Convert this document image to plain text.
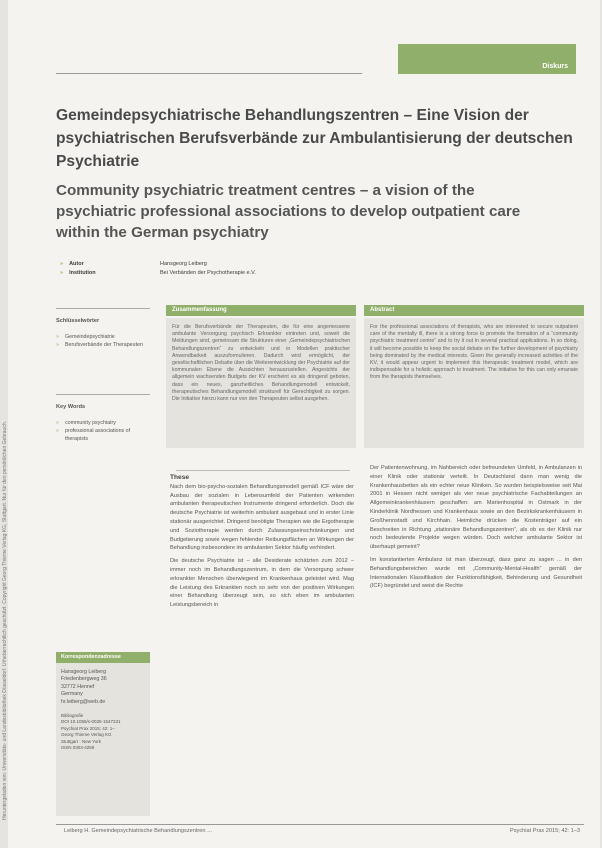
Heruntergeladen von: Universitäts- und Landesbibliothek Düsseldorf. Urheberrechtlich geschützt. Copyright Georg Thieme Verlag KG, Stuttgart. Nur für den persönlichen Gebrauch.
Diskurs
Gemeindepsychiatrische Behandlungszentren – Eine Vision der psychiatrischen Berufsverbände zur Ambulantisierung der deutschen Psychiatrie
Community psychiatric treatment centres – a vision of the psychiatric professional associations to develop outpatient care within the German psychiatry
» Autor	Hansgeorg Leiberg
» Institution	Bei Verbänden der Psychotherapie e.V.
Schlüsselwörter
» Gemeindepsychiatrie
» Berufsverbände der Therapeuten
Key Words
» community psychiatry
» professional associations of therapists
Zusammenfassung
Für die Berufsverbände der Therapeuten, die für eine angemessene ambulante Versorgung psychisch Erkrankter eintreten und, soweit die Meldungen sind, gemeinsam die Strukturen einer „Gemeindepsychiatrischen Behandlungszentren“ zu entwickeln und in Modellen praktischer Anwendbarkeit auszuformulieren. Dadurch wird ermöglicht, der gesellschaftlichen Debatte über die Weiterentwicklung der Psychiatrie auf der kommunalen Ebene die Aussichten herauszustellen. Angesichts der allgemein wachsenden Budgets der KV erscheint es als dringend geboten, dass ein neues, ganzheitliches Behandlungsmodell entwickelt, therapeutisches Behandlungsmodell strukturell für Gerechtigkeit zu sorgen. Die Initiative hierzu kann nur von den Therapeuten selbst ausgehen.
Abstract
For the professional associations of therapists, who are interested to secure outpatient care of the mentally ill, there is a strong force to promote the formation of a “community psychiatric treatment centre” and to try it out in several practical applications. In so doing, it will become possible to keep the social debate on the further development of psychiatry being dominated by the medical interests. Given the generally increased activities of the KV, it would appear urgent to implement this therapeutic treatment model, which are indispensable for a holistic approach to treatment. The initiative for this can only emanate from the therapists themselves.
Korrespondenzadresse
Hansgeorg Leiberg
Friedenbergweg 36
32772 Hennef
Germany
hr.leiberg@web.de
Bibliografie
DOI 10.1055/s-0035-1547231
Psychiat Prax 2015; 42: 1–
Georg Thieme Verlag KG
Stuttgart · New York
ISSN 0303-4259
These

Nach dem bio-psycho-sozialen Behandlungsmodell gemäß ICF wäre der Ausbau der sozialen in Lebensumfeld der Patienten wirkenden ambulanten therapeutischen Instrumente dringend erforderlich. Doch die deutsche Psychiatrie ist weiterhin ambulant ausgebaut und in erster Linie stationär ausgerichtet. Dringend benötigte Therapien wie die Ergotherapie und Soziotherapie werden durch Zulassungseinschränkungen und Budgetierung sowie wegen fehlender Reibungsflächen an Wirkungen der Behandlung insbesondere im ambulanten Sektor häufig verhindert.

Die deutsche Psychiatrie ist – alle Desiderate schätzten zum 2012 – immer noch im Behandlungszentrum, in dem die Versorgung schwer erkrankter Menschen überwiegend im Krankenhaus geleistet wird. Mag die Leistung des Erkrankten noch so sehr von der positiven Wirkungen einer Behandlung überzeugt sein, so sich eben im ambulanten Leistungsbereich in

Der Patientenwohnung, im Nahbereich oder befreundeten Umfeld, in Ambulanzen in einer Klinik oder stationär verteilt. In Deutschland dann man wenig die Krankenhausbetten als ein echter neue Kliniken. So wurden beispielsweise seit Mai 2001 in Hessen nicht weniger als vier neue psychiatrische Fachabteilungen an Allgemeinkrankenhäusern geschaffen: am Marienhospital in Ostmark in der Kinderklinik Nordhessen und Krankenhaus sowie an den Bezirkskrankenhäusern in Großhennstadt und Kirchhain. Heimliche drücken die Kostenträger auf ein Beschreiten in Richtung „stationäre Behandlungszentren“, als ob es der Klinik nur noch bedeutende Projekte wegen würden. Doch welcher ambulante Sektor ist überhaupt gemeint?

Im konstantierten Ambulanz ist man überzeugt, dass ganz zu sagen ... in den Behandlungsbereichen wurde mit „Community-Mental-Health“ gemäß der Internationalen Klassifikation der Funktionsfähigkeit, Behinderung und Gesundheit (ICF) begründet und weist die Rechte

Leiberg H. Gemeindepsychiatrische Behandlungszentren …	Psychiat Prax 2015; 42: 1–3
